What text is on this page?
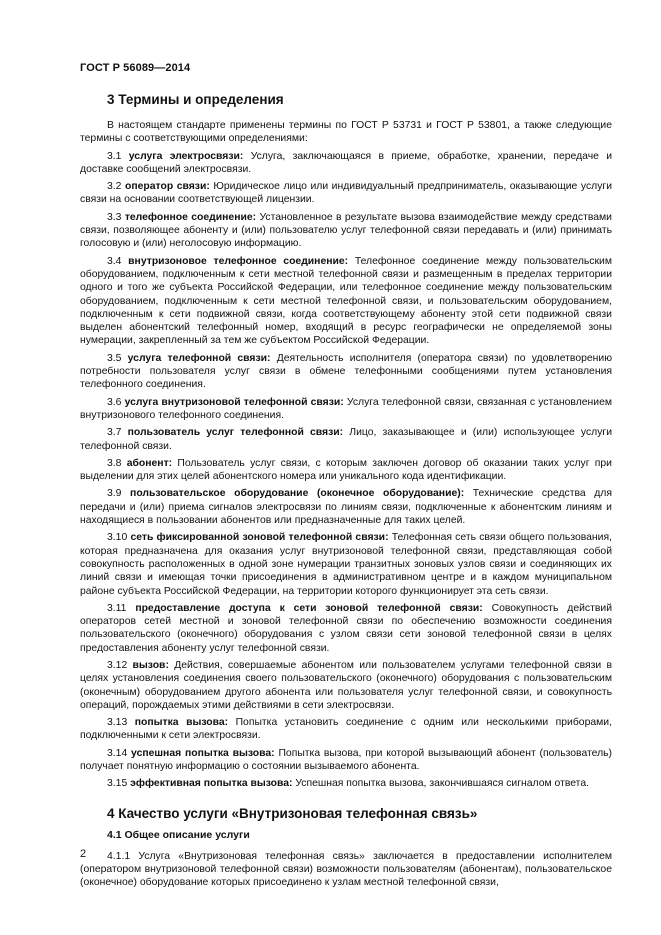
ГОСТ Р 56089—2014
3 Термины и определения

В настоящем стандарте применены термины по ГОСТ Р 53731 и ГОСТ Р 53801, а также следующие термины с соответствующими определениями:

3.1 услуга электросвязи: Услуга, заключающаяся в приеме, обработке, хранении, передаче и доставке сообщений электросвязи.

3.2 оператор связи: Юридическое лицо или индивидуальный предприниматель, оказывающие услуги связи на основании соответствующей лицензии.

3.3 телефонное соединение: Установленное в результате вызова взаимодействие между средствами связи, позволяющее абоненту и (или) пользователю услуг телефонной связи передавать и (или) принимать голосовую и (или) неголосовую информацию.

3.4 внутризоновое телефонное соединение: Телефонное соединение между пользовательским оборудованием, подключенным к сети местной телефонной связи и размещенным в пределах территории одного и того же субъекта Российской Федерации, или телефонное соединение между пользовательским оборудованием, подключенным к сети местной телефонной связи, и пользовательским оборудованием, подключенным к сети подвижной связи, когда соответствующему абоненту этой сети подвижной связи выделен абонентский телефонный номер, входящий в ресурс географически не определяемой зоны нумерации, закрепленный за тем же субъектом Российской Федерации.

3.5 услуга телефонной связи: Деятельность исполнителя (оператора связи) по удовлетворению потребности пользователя услуг связи в обмене телефонными сообщениями путем установления телефонного соединения.

3.6 услуга внутризоновой телефонной связи: Услуга телефонной связи, связанная с установлением внутризонового телефонного соединения.

3.7 пользователь услуг телефонной связи: Лицо, заказывающее и (или) использующее услуги телефонной связи.

3.8 абонент: Пользователь услуг связи, с которым заключен договор об оказании таких услуг при выделении для этих целей абонентского номера или уникального кода идентификации.

3.9 пользовательское оборудование (оконечное оборудование): Технические средства для передачи и (или) приема сигналов электросвязи по линиям связи, подключенные к абонентским линиям и находящиеся в пользовании абонентов или предназначенные для таких целей.

3.10 сеть фиксированной зоновой телефонной связи: Телефонная сеть связи общего пользования, которая предназначена для оказания услуг внутризоновой телефонной связи, представляющая собой совокупность расположенных в одной зоне нумерации транзитных зоновых узлов связи и соединяющих их линий связи и имеющая точки присоединения в административном центре и в каждом муниципальном районе субъекта Российской Федерации, на территории которого функционирует эта сеть связи.

3.11 предоставление доступа к сети зоновой телефонной связи: Совокупность действий операторов сетей местной и зоновой телефонной связи по обеспечению возможности соединения пользовательского (оконечного) оборудования с узлом связи сети зоновой телефонной связи в целях предоставления абоненту услуг телефонной связи.

3.12 вызов: Действия, совершаемые абонентом или пользователем услугами телефонной связи в целях установления соединения своего пользовательского (оконечного) оборудования с пользовательским (оконечным) оборудованием другого абонента или пользователя услуг телефонной связи, и совокупность операций, порождаемых этими действиями в сети электросвязи.

3.13 попытка вызова: Попытка установить соединение с одним или несколькими приборами, подключенными к сети электросвязи.

3.14 успешная попытка вызова: Попытка вызова, при которой вызывающий абонент (пользователь) получает понятную информацию о состоянии вызываемого абонента.

3.15 эффективная попытка вызова: Успешная попытка вызова, закончившаяся сигналом ответа.

4 Качество услуги «Внутризоновая телефонная связь»
4.1 Общее описание услуги

4.1.1 Услуга «Внутризоновая телефонная связь» заключается в предоставлении исполнителем (оператором внутризоновой телефонной связи) возможности пользователям (абонентам), пользовательское (оконечное) оборудование которых присоединено к узлам местной телефонной связи,

2
